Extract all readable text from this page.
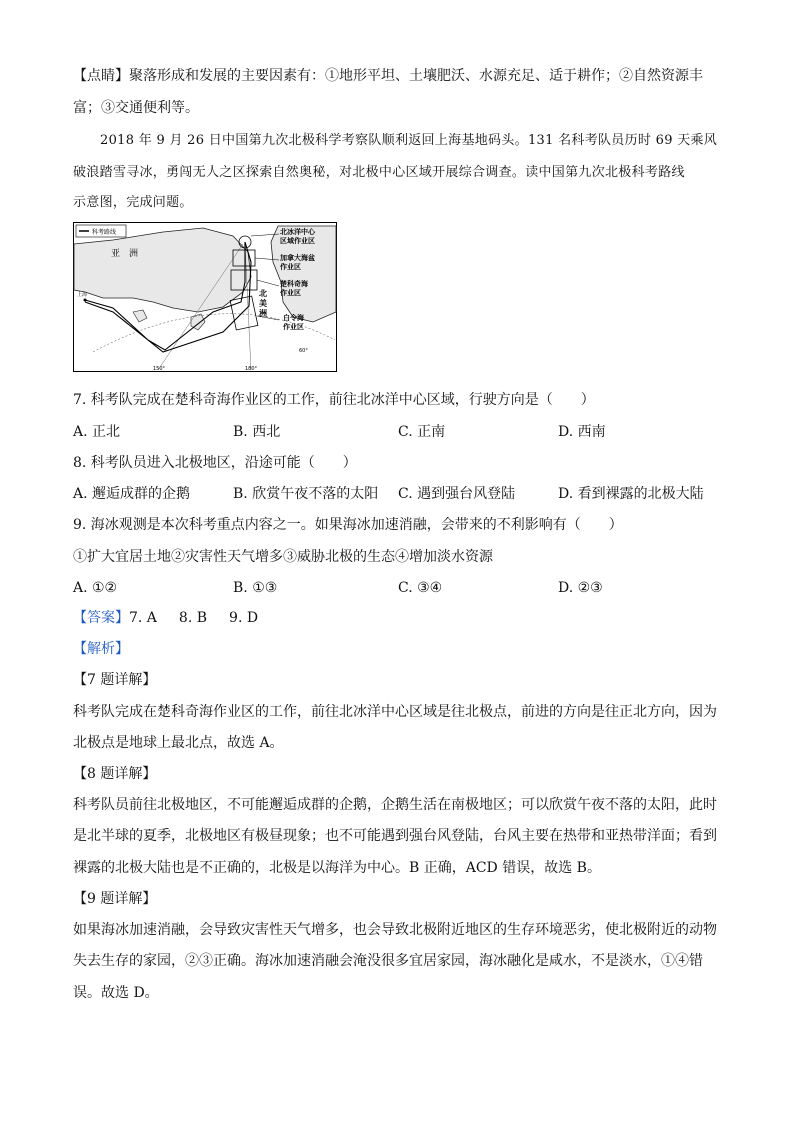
【点睛】聚落形成和发展的主要因素有：①地形平坦、土壤肥沃、水源充足、适于耕作；②自然资源丰
富；③交通便利等。
2018 年 9 月 26 日中国第九次北极科学考察队顺利返回上海基地码头。131 名科考队员历时 69 天乘风
破浪踏雪寻冰，勇闯无人之区探索自然奥秘，对北极中心区域开展综合调查。读中国第九次北极科考路线
示意图，完成问题。
科考路线	北冰洋中心
区域作业区
加拿大海盆
作业区
楚科奇海
作业区
白令海
作业区
北
美
洲
亚　洲
上海
150°	180°
60°
7. 科考队完成在楚科奇海作业区的工作，前往北冰洋中心区域，行驶方向是（　　）
A. 正北	B. 西北	C. 正南	D. 西南
8. 科考队员进入北极地区，沿途可能（　　）
A. 邂逅成群的企鹅	B. 欣赏午夜不落的太阳 C. 遇到强台风登陆	D. 看到裸露的北极大陆
9. 海冰观测是本次科考重点内容之一。如果海冰加速消融，会带来的不利影响有（　　）
①扩大宜居土地②灾害性天气增多③威胁北极的生态④增加淡水资源
A. ①②	B. ①③	C. ③④	D. ②③
【答案】7. A 8. B 9. D
【解析】
【7 题详解】
科考队完成在楚科奇海作业区的工作，前往北冰洋中心区域是往北极点，前进的方向是往正北方向，因为
北极点是地球上最北点，故选 A。
【8 题详解】
科考队员前往北极地区，不可能邂逅成群的企鹅，企鹅生活在南极地区；可以欣赏午夜不落的太阳，此时
是北半球的夏季，北极地区有极昼现象；也不可能遇到强台风登陆，台风主要在热带和亚热带洋面；看到
裸露的北极大陆也是不正确的，北极是以海洋为中心。B 正确，ACD 错误，故选 B。
【9 题详解】
如果海冰加速消融，会导致灾害性天气增多，也会导致北极附近地区的生存环境恶劣，使北极附近的动物
失去生存的家园，②③正确。海冰加速消融会淹没很多宜居家园，海冰融化是咸水，不是淡水，①④错
误。故选 D。
